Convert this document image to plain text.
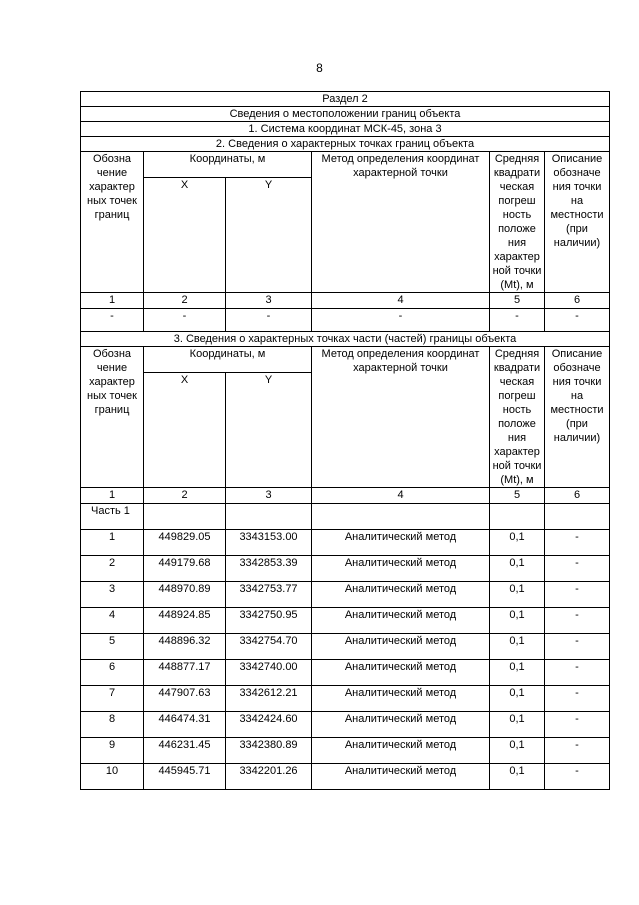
8
Раздел 2					
Сведения о местоположении границ объекта					
1. Система координат МСК-45, зона 3					
2. Сведения о характерных точках границ объекта					
Обозна чение характер ных точек границ	Координаты, м		Метод определения координат характерной точки	Средняя квадрати ческая погреш ность положе ния характер ной точки (Mt), м	Описание обозначе ния точки на местности (при наличии)
	X	Y			
1	2	3	4	5	6
-	-	-	-	-	-
3. Сведения о характерных точках части (частей) границы объекта					
Обозна чение характер ных точек границ	Координаты, м		Метод определения координат характерной точки	Средняя квадрати ческая погреш ность положе ния характер ной точки (Mt), м	Описание обозначе ния точки на местности (при наличии)
	X	Y			
1	2	3	4	5	6
Часть 1					
1	449829.05	3343153.00	Аналитический метод	0,1	-
2	449179.68	3342853.39	Аналитический метод	0,1	-
3	448970.89	3342753.77	Аналитический метод	0,1	-
4	448924.85	3342750.95	Аналитический метод	0,1	-
5	448896.32	3342754.70	Аналитический метод	0,1	-
6	448877.17	3342740.00	Аналитический метод	0,1	-
7	447907.63	3342612.21	Аналитический метод	0,1	-
8	446474.31	3342424.60	Аналитический метод	0,1	-
9	446231.45	3342380.89	Аналитический метод	0,1	-
10	445945.71	3342201.26	Аналитический метод	0,1	-
